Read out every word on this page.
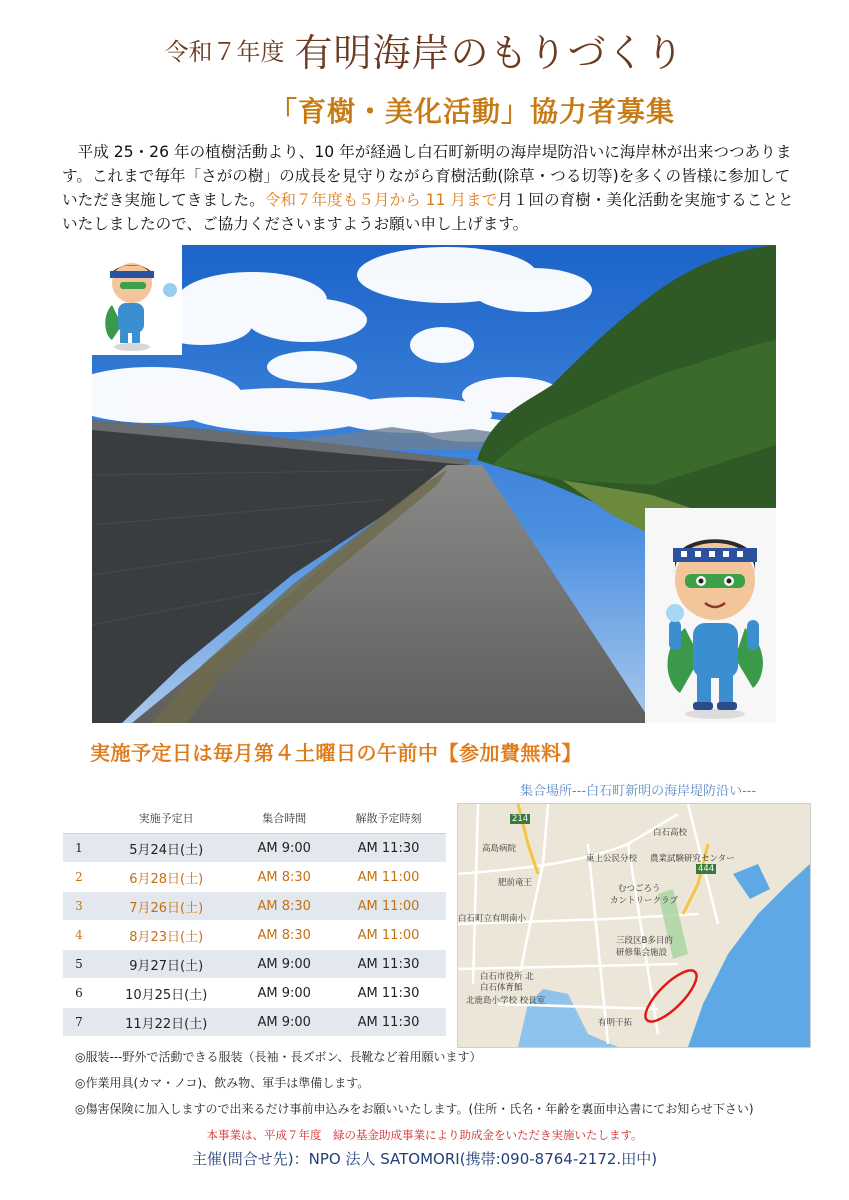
令和７年度 有明海岸のもりづくり
「育樹・美化活動」協力者募集
平成 25・26 年の植樹活動より、10 年が経過し白石町新明の海岸堤防沿いに海岸林が出来つつあります。これまで毎年「さがの樹」の成長を見守りながら育樹活動(除草・つる切等)を多くの皆様に参加していただき実施してきました。令和７年度も５月から 11 月まで月１回の育樹・美化活動を実施することといたしましたので、ご協力くださいますようお願い申し上げます。
実施予定日は毎月第４土曜日の午前中【参加費無料】
	実施予定日	集合時間	解散予定時刻
1	5月24日(土)	AM 9:00	AM 11:30
2	6月28日(土)	AM 8:30	AM 11:00
3	7月26日(土)	AM 8:30	AM 11:00
4	8月23日(土)	AM 8:30	AM 11:00
5	9月27日(土)	AM 9:00	AM 11:30
6	10月25日(土)	AM 9:00	AM 11:30
7	11月22日(土)	AM 9:00	AM 11:30
集合場所---白石町新明の海岸堤防沿い---
白石高校
高島病院
東上公民分校 農業試験研究センター
肥前竜王
むつごろう
カントリークラブ
白石町立有明南小
三段区B多目的
研修集会施設
白石市役所 北
白石体育館
北鹿島小学校 校長室
有明干拓
214
444
◎服装---野外で活動できる服装（長袖・長ズボン、長靴など着用願います）
◎作業用具(カマ・ノコ)、飲み物、軍手は準備します。
◎傷害保険に加入しますので出来るだけ事前申込みをお願いいたします。(住所・氏名・年齢を裏面申込書にてお知らせ下さい)
本事業は、平成７年度　緑の基金助成事業により助成金をいただき実施いたします。
主催(問合せ先)：NPO 法人 SATOMORI(携帯:090-8764-2172.田中)
